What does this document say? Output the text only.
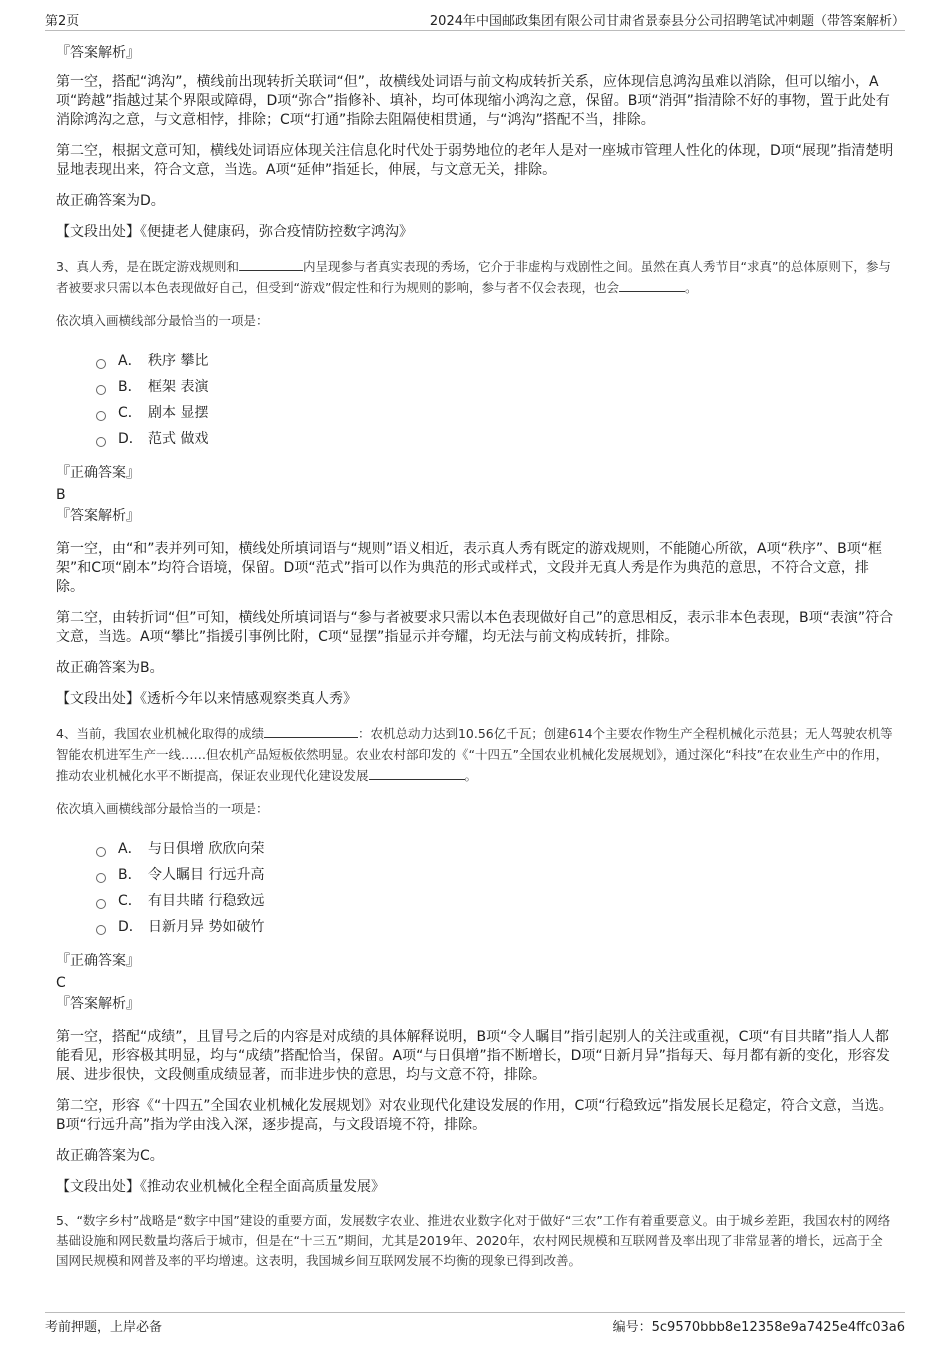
第2页	2024年中国邮政集团有限公司甘肃省景泰县分公司招聘笔试冲刺题（带答案解析）
『答案解析』

第一空，搭配“鸿沟”，横线前出现转折关联词“但”，故横线处词语与前文构成转折关系，应体现信息鸿沟虽难以消除，但可以缩小，A项“跨越”指越过某个界限或障碍，D项“弥合”指修补、填补，均可体现缩小鸿沟之意，保留。B项“消弭”指清除不好的事物，置于此处有消除鸿沟之意，与文意相悖，排除；C项“打通”指除去阻隔使相贯通，与“鸿沟”搭配不当，排除。

第二空，根据文意可知，横线处词语应体现关注信息化时代处于弱势地位的老年人是对一座城市管理人性化的体现，D项“展现”指清楚明显地表现出来，符合文意，当选。A项“延伸”指延长，伸展，与文意无关，排除。

故正确答案为D。

【文段出处】《便捷老人健康码，弥合疫情防控数字鸿沟》

3、真人秀，是在既定游戏规则和	内呈现参与者真实表现的秀场，它介于非虚构与戏剧性之间。虽然在真人秀节目“求真”的总体原则下，参与者被要求只需以本色表现做好自己，但受到“游戏”假定性和行为规则的影响，参与者不仅会表现，也会	。

依次填入画横线部分最恰当的一项是：

A． 秩序 攀比
B． 框架 表演
C． 剧本 显摆
D． 范式 做戏
『正确答案』
B
『答案解析』

第一空，由“和”表并列可知，横线处所填词语与“规则”语义相近，表示真人秀有既定的游戏规则，不能随心所欲，A项“秩序”、B项“框架”和C项“剧本”均符合语境，保留。D项“范式”指可以作为典范的形式或样式，文段并无真人秀是作为典范的意思，不符合文意，排除。

第二空，由转折词“但”可知，横线处所填词语与“参与者被要求只需以本色表现做好自己”的意思相反，表示非本色表现，B项“表演”符合文意，当选。A项“攀比”指援引事例比附，C项“显摆”指显示并夸耀，均无法与前文构成转折，排除。

故正确答案为B。

【文段出处】《透析今年以来情感观察类真人秀》

4、当前，我国农业机械化取得的成绩	：农机总动力达到10.56亿千瓦；创建614个主要农作物生产全程机械化示范县；无人驾驶农机等智能农机进军生产一线……但农机产品短板依然明显。农业农村部印发的《“十四五”全国农业机械化发展规划》，通过深化“科技”在农业生产中的作用，推动农业机械化水平不断提高，保证农业现代化建设发展	。

依次填入画横线部分最恰当的一项是：

A． 与日俱增 欣欣向荣
B． 令人瞩目 行远升高
C． 有目共睹 行稳致远
D． 日新月异 势如破竹
『正确答案』
C
『答案解析』

第一空，搭配“成绩”，且冒号之后的内容是对成绩的具体解释说明，B项“令人瞩目”指引起别人的关注或重视，C项“有目共睹”指人人都能看见，形容极其明显，均与“成绩”搭配恰当，保留。A项“与日俱增”指不断增长，D项“日新月异”指每天、每月都有新的变化，形容发展、进步很快，文段侧重成绩显著，而非进步快的意思，均与文意不符，排除。

第二空，形容《“十四五”全国农业机械化发展规划》对农业现代化建设发展的作用，C项“行稳致远”指发展长足稳定，符合文意，当选。B项“行远升高”指为学由浅入深，逐步提高，与文段语境不符，排除。

故正确答案为C。

【文段出处】《推动农业机械化全程全面高质量发展》

5、“数字乡村”战略是“数字中国”建设的重要方面，发展数字农业、推进农业数字化对于做好“三农”工作有着重要意义。由于城乡差距，我国农村的网络基础设施和网民数量均落后于城市，但是在“十三五”期间，尤其是2019年、2020年，农村网民规模和互联网普及率出现了非常显著的增长，远高于全国网民规模和网普及率的平均增速。这表明，我国城乡间互联网发展不均衡的现象已得到改善。

考前押题，上岸必备	编号：5c9570bbb8e12358e9a7425e4ffc03a6
